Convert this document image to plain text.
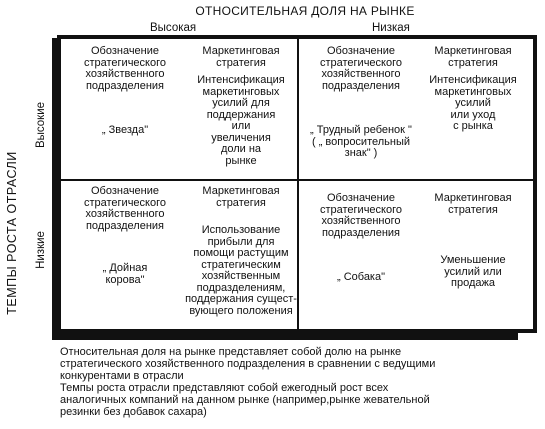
ОТНОСИТЕЛЬНАЯ ДОЛЯ НА РЫНКЕ
Высокая	Низкая
ТЕМПЫ РОСТА ОТРАСЛИ
Высокие
Низкие

Обозначение

стратегического

хозяйственного

подразделения

Маркетинговая

стратегия

Интенсификация

маркетинговых

усилий для

поддержания

или

увеличения

доли на

рынке

„ Звезда"

Обозначение

стратегического

хозяйственного

подразделения

Маркетинговая

стратегия

Интенсификация

маркетинговых

усилий

или уход

с рынка

„ Трудный ребенок "

( „ вопросительный

знак" )

Обозначение

стратегического

хозяйственного

подразделения

Маркетинговая

стратегия

Использование

прибыли для

помощи растущим

стратегическим

хозяйственным

подразделениям,

поддержания сущест-

вующего положения

„ Дойная

корова"

Обозначение

стратегического

хозяйственного

подразделения

Маркетинговая

стратегия

Уменьшение

усилий или

продажа

„ Собака"

Относительная доля на рынке представляет собой долю на рынке

стратегического хозяйственного подразделения в сравнении с ведущими

конкурентами в отрасли

Темпы роста отрасли представляют собой ежегодный рост всех

аналогичных компаний на данном рынке (например,рынке жевательной

резинки без добавок сахара)
